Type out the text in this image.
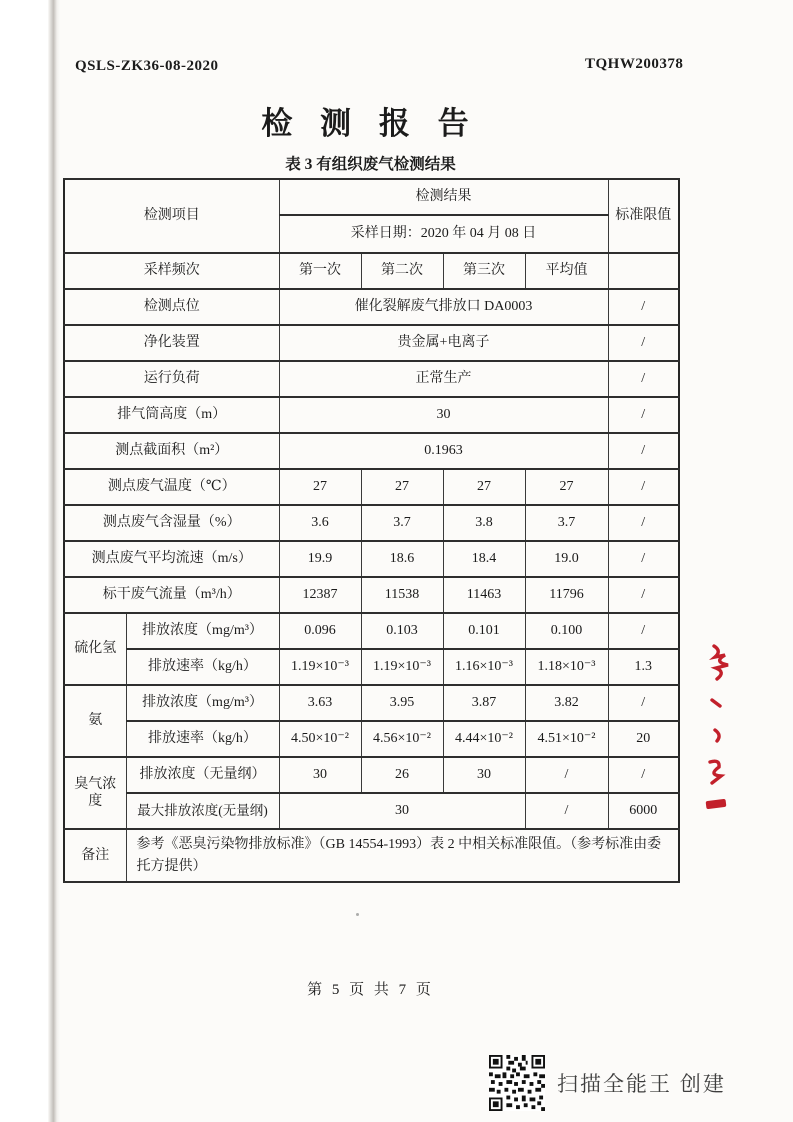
QSLS-ZK36-08-2020	TQHW200378
检 测 报 告
表 3 有组织废气检测结果
检测项目		检测结果				标准限值
		采样日期：2020 年 04 月 08 日				
采样频次		第一次	第二次	第三次	平均值	
检测点位		催化裂解废气排放口 DA0003				/
净化装置		贵金属+电离子				/
运行负荷		正常生产				/
排气筒高度（m）		30				/
测点截面积（m²）		0.1963				/
测点废气温度（℃）		27	27	27	27	/
测点废气含湿量（%）		3.6	3.7	3.8	3.7	/
测点废气平均流速（m/s）		19.9	18.6	18.4	19.0	/
标干废气流量（m³/h）		12387	11538	11463	11796	/
硫化氢	排放浓度（mg/m³）	0.096	0.103	0.101	0.100	/
	排放速率（kg/h）	1.19×10⁻³	1.19×10⁻³	1.16×10⁻³	1.18×10⁻³	1.3
氨	排放浓度（mg/m³）	3.63	3.95	3.87	3.82	/
	排放速率（kg/h）	4.50×10⁻²	4.56×10⁻²	4.44×10⁻²	4.51×10⁻²	20
臭气浓度	排放浓度（无量纲）	30	26	30	/	/
	最大排放浓度(无量纲)	30			/	6000
备注	参考《恶臭污染物排放标准》（GB 14554-1993）表 2 中相关标准限值。（参考标准由委托方提供）					
第 5 页 共 7 页
扫描全能王 创建
